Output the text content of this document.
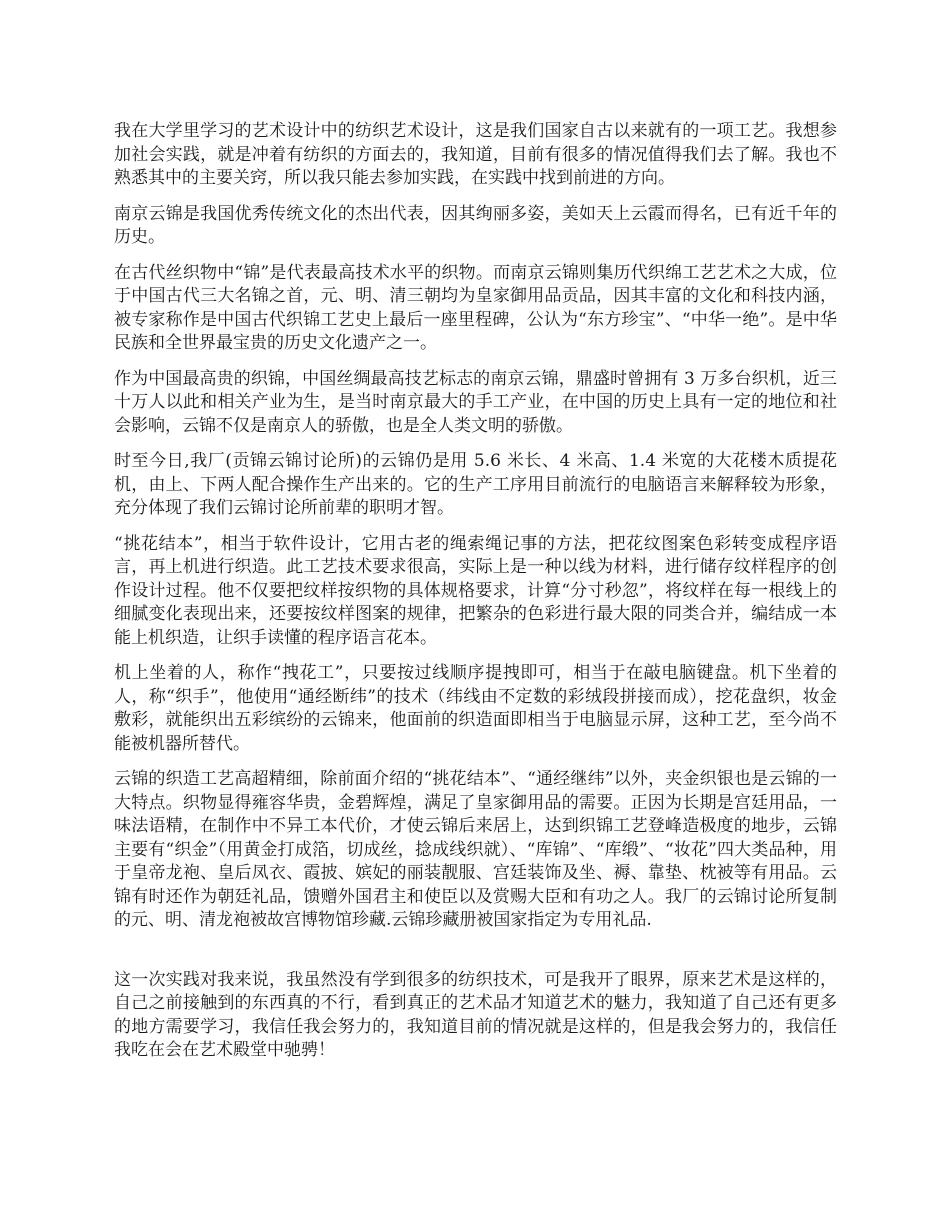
我在大学里学习的艺术设计中的纺织艺术设计，这是我们国家自古以来就有的一项工艺。我想参加社会实践，就是冲着有纺织的方面去的，我知道，目前有很多的情况值得我们去了解。我也不熟悉其中的主要关窍，所以我只能去参加实践，在实践中找到前进的方向。

南京云锦是我国优秀传统文化的杰出代表，因其绚丽多姿，美如天上云霞而得名，已有近千年的历史。

在古代丝织物中“锦”是代表最高技术水平的织物。而南京云锦则集历代织绵工艺艺术之大成，位于中国古代三大名锦之首，元、明、清三朝均为皇家御用品贡品，因其丰富的文化和科技内涵，被专家称作是中国古代织锦工艺史上最后一座里程碑，公认为“东方珍宝”、“中华一绝”。是中华民族和全世界最宝贵的历史文化遗产之一。

作为中国最高贵的织锦，中国丝绸最高技艺标志的南京云锦，鼎盛时曾拥有 3 万多台织机，近三十万人以此和相关产业为生，是当时南京最大的手工产业，在中国的历史上具有一定的地位和社会影响，云锦不仅是南京人的骄傲，也是全人类文明的骄傲。

时至今日,我厂(贡锦云锦讨论所)的云锦仍是用 5.6 米长、4 米高、1.4 米宽的大花楼木质提花机，由上、下两人配合操作生产出来的。它的生产工序用目前流行的电脑语言来解释较为形象，充分体现了我们云锦讨论所前辈的职明才智。

“挑花结本”，相当于软件设计，它用古老的绳索绳记事的方法，把花纹图案色彩转变成程序语言，再上机进行织造。此工艺技术要求很高，实际上是一种以线为材料，进行储存纹样程序的创作设计过程。他不仅要把纹样按织物的具体规格要求，计算“分寸秒忽”，将纹样在每一根线上的细腻变化表现出来，还要按纹样图案的规律，把繁杂的色彩进行最大限的同类合并，编结成一本能上机织造，让织手读懂的程序语言花本。

机上坐着的人，称作“拽花工”，只要按过线顺序提拽即可，相当于在敲电脑键盘。机下坐着的人，称“织手”，他使用“通经断纬”的技术（纬线由不定数的彩绒段拼接而成），挖花盘织，妆金敷彩，就能织出五彩缤纷的云锦来，他面前的织造面即相当于电脑显示屏，这种工艺，至今尚不能被机器所替代。

云锦的织造工艺高超精细，除前面介绍的“挑花结本”、“通经继纬”以外，夹金织银也是云锦的一大特点。织物显得雍容华贵，金碧辉煌，满足了皇家御用品的需要。正因为长期是宫廷用品，一味法语精，在制作中不异工本代价，才使云锦后来居上，达到织锦工艺登峰造极度的地步，云锦主要有“织金”（用黄金打成箔，切成丝，捻成线织就）、“库锦”、“库缎”、“妆花”四大类品种，用于皇帝龙袍、皇后凤衣、霞披、嫔妃的丽装靓服、宫廷装饰及坐、褥、靠垫、枕被等有用品。云锦有时还作为朝廷礼品，馈赠外国君主和使臣以及赏赐大臣和有功之人。我厂的云锦讨论所复制的元、明、清龙袍被故宫博物馆珍藏.云锦珍藏册被国家指定为专用礼品.

这一次实践对我来说，我虽然没有学到很多的纺织技术，可是我开了眼界，原来艺术是这样的，自己之前接触到的东西真的不行，看到真正的艺术品才知道艺术的魅力，我知道了自己还有更多的地方需要学习，我信任我会努力的，我知道目前的情况就是这样的，但是我会努力的，我信任我吃在会在艺术殿堂中驰骋！
